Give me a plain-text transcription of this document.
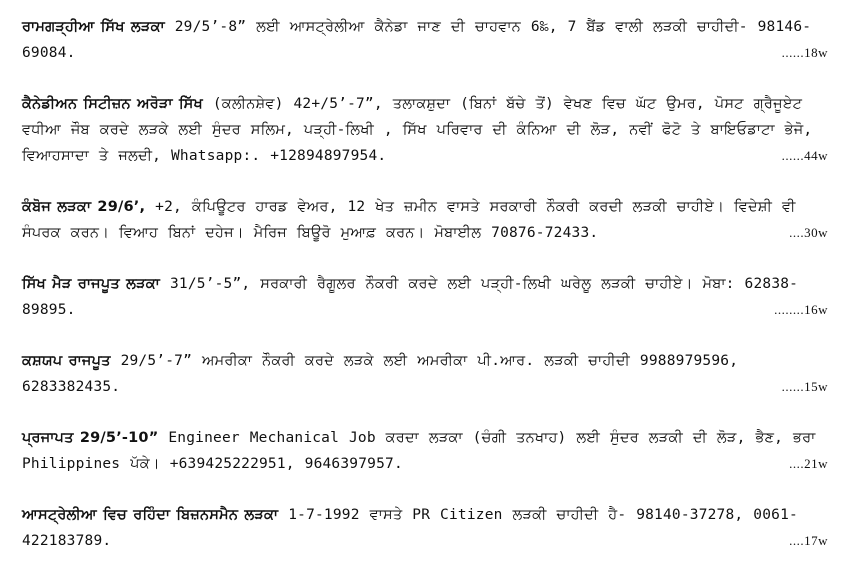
ਰਾਮਗੜ੍ਹੀਆ ਸਿੱਖ ਲੜਕਾ 29/5’-8” ਲਈ ਆਸਟ੍ਰੇਲੀਆ ਕੈਨੇਡਾ ਜਾਣ ਦੀ ਚਾਹਵਾਨ 6‰, 7 ਬੈਂਡ ਵਾਲੀ ਲੜਕੀ ਚਾਹੀਦੀ- 98146-69084.	......18w

ਕੈਨੇਡੀਅਨ ਸਿਟੀਜ਼ਨ ਅਰੋੜਾ ਸਿੱਖ (ਕਲੀਨਸ਼ੇਵ) 42+/5’-7”, ਤਲਾਕਸ਼ੁਦਾ (ਬਿਨਾਂ ਬੱਚੇ ਤੋਂ) ਵੇਖਣ ਵਿਚ ਘੱਟ ਉਮਰ, ਪੋਸਟ ਗ੍ਰੈਜੂਏਟ ਵਧੀਆ ਜੌਬ ਕਰਦੇ ਲੜਕੇ ਲਈ ਸੁੰਦਰ ਸਲਿਮ, ਪੜ੍ਹੀ-ਲਿਖੀ , ਸਿੱਖ ਪਰਿਵਾਰ ਦੀ ਕੰਨਿਆ ਦੀ ਲੋੜ, ਨਵੀਂ ਫੋਟੋ ਤੇ ਬਾਇਓਡਾਟਾ ਭੇਜੋ, ਵਿਆਹਸਾਦਾ ਤੇ ਜਲਦੀ, Whatsapp:. +12894897954.	......44w

ਕੰਬੋਜ ਲੜਕਾ 29/6’, +2, ਕੰਪਿਊਟਰ ਹਾਰਡ ਵੇਅਰ, 12 ਖੇਤ ਜ਼ਮੀਨ ਵਾਸਤੇ ਸਰਕਾਰੀ ਨੌਕਰੀ ਕਰਦੀ ਲੜਕੀ ਚਾਹੀਏ। ਵਿਦੇਸ਼ੀ ਵੀ ਸੰਪਰਕ ਕਰਨ। ਵਿਆਹ ਬਿਨਾਂ ਦਹੇਜ। ਮੈਰਿਜ ਬਿਊਰੋ ਮੁਆਫ਼ ਕਰਨ। ਮੋਬਾਈਲ 70876-72433.	....30w

ਸਿੱਖ ਮੈੜ ਰਾਜਪੂਤ ਲੜਕਾ 31/5’-5”, ਸਰਕਾਰੀ ਰੈਗੂਲਰ ਨੌਕਰੀ ਕਰਦੇ ਲਈ ਪੜ੍ਹੀ-ਲਿਖੀ ਘਰੇਲੂ ਲੜਕੀ ਚਾਹੀਏ। ਮੋਬਾ: 62838-89895.	........16w

ਕਸ਼ਯਪ ਰਾਜਪੂਤ 29/5’-7” ਅਮਰੀਕਾ ਨੌਕਰੀ ਕਰਦੇ ਲੜਕੇ ਲਈ ਅਮਰੀਕਾ ਪੀ.ਆਰ. ਲੜਕੀ ਚਾਹੀਦੀ 9988979596, 6283382435.	......15w

ਪ੍ਰਜਾਪਤ 29/5’-10” Engineer Mechanical Job ਕਰਦਾ ਲੜਕਾ (ਚੰਗੀ ਤਨਖਾਹ) ਲਈ ਸੁੰਦਰ ਲੜਕੀ ਦੀ ਲੋੜ, ਭੈਣ, ਭਰਾ Philippines ਪੱਕੇ। +639425222951, 9646397957.	....21w

ਆਸਟ੍ਰੇਲੀਆ ਵਿਚ ਰਹਿੰਦਾ ਬਿਜ਼ਨਸਮੈਨ ਲੜਕਾ 1-7-1992 ਵਾਸਤੇ PR Citizen ਲੜਕੀ ਚਾਹੀਦੀ ਹੈ- 98140-37278, 0061-422183789.	....17w
